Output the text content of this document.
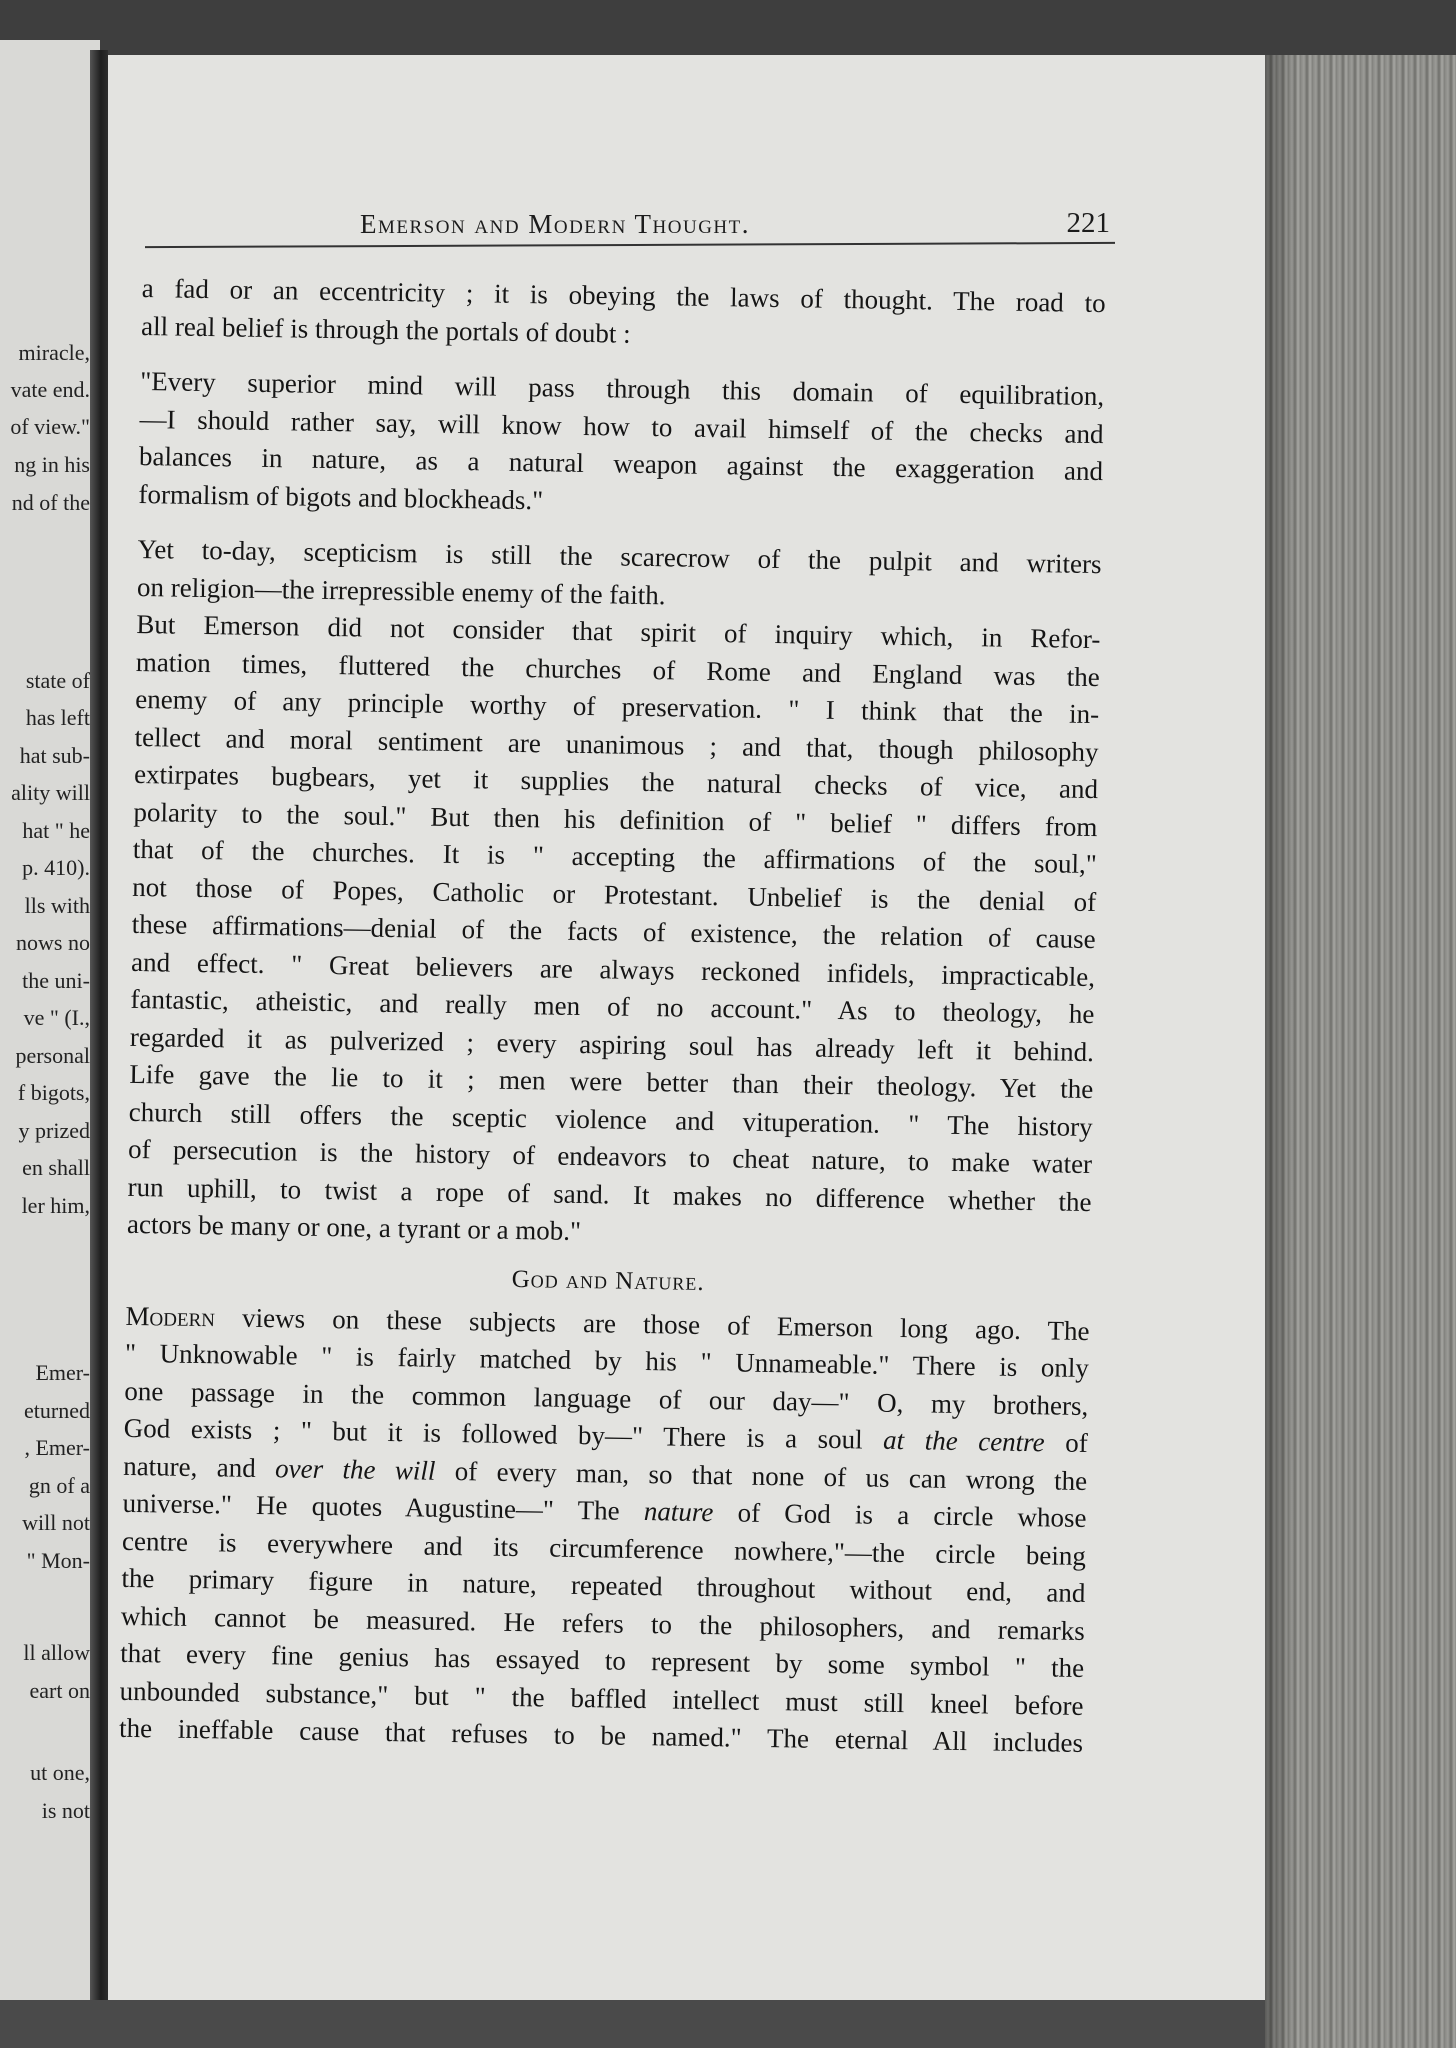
miracle,
vate end.
of view."
ng in his
nd of the
state of
has left
hat sub-
ality will
hat " he
p. 410).
lls with
nows no
the uni-
ve " (I.,
personal
f bigots,
y prized
en shall
ler him,
Emer-
eturned
, Emer-
gn of a
will not
" Mon-
ll allow
eart on
ut one,
is not
Emerson and Modern Thought.	221
a fad or an eccentricity ; it is obeying the laws of thought. The road to
all real belief is through the portals of doubt :
"Every superior mind will pass through this domain of equilibration,
—I should rather say, will know how to avail himself of the checks and
balances in nature, as a natural weapon against the exaggeration and
formalism of bigots and blockheads."
Yet to-day, scepticism is still the scarecrow of the pulpit and writers
on religion—the irrepressible enemy of the faith.
But Emerson did not consider that spirit of inquiry which, in Refor-
mation times, fluttered the churches of Rome and England was the
enemy of any principle worthy of preservation. " I think that the in-
tellect and moral sentiment are unanimous ; and that, though philosophy
extirpates bugbears, yet it supplies the natural checks of vice, and
polarity to the soul." But then his definition of " belief " differs from
that of the churches. It is " accepting the affirmations of the soul,"
not those of Popes, Catholic or Protestant. Unbelief is the denial of
these affirmations—denial of the facts of existence, the relation of cause
and effect. " Great believers are always reckoned infidels, impracticable,
fantastic, atheistic, and really men of no account." As to theology, he
regarded it as pulverized ; every aspiring soul has already left it behind.
Life gave the lie to it ; men were better than their theology. Yet the
church still offers the sceptic violence and vituperation. " The history
of persecution is the history of endeavors to cheat nature, to make water
run uphill, to twist a rope of sand. It makes no difference whether the
actors be many or one, a tyrant or a mob."
God and Nature.
Modern views on these subjects are those of Emerson long ago. The
" Unknowable " is fairly matched by his " Unnameable." There is only
one passage in the common language of our day—" O, my brothers,
God exists ; " but it is followed by—" There is a soul at the centre of
nature, and over the will of every man, so that none of us can wrong the
universe." He quotes Augustine—" The nature of God is a circle whose
centre is everywhere and its circumference nowhere,"—the circle being
the primary figure in nature, repeated throughout without end, and
which cannot be measured. He refers to the philosophers, and remarks
that every fine genius has essayed to represent by some symbol " the
unbounded substance," but " the baffled intellect must still kneel before
the ineffable cause that refuses to be named." The eternal All includes
